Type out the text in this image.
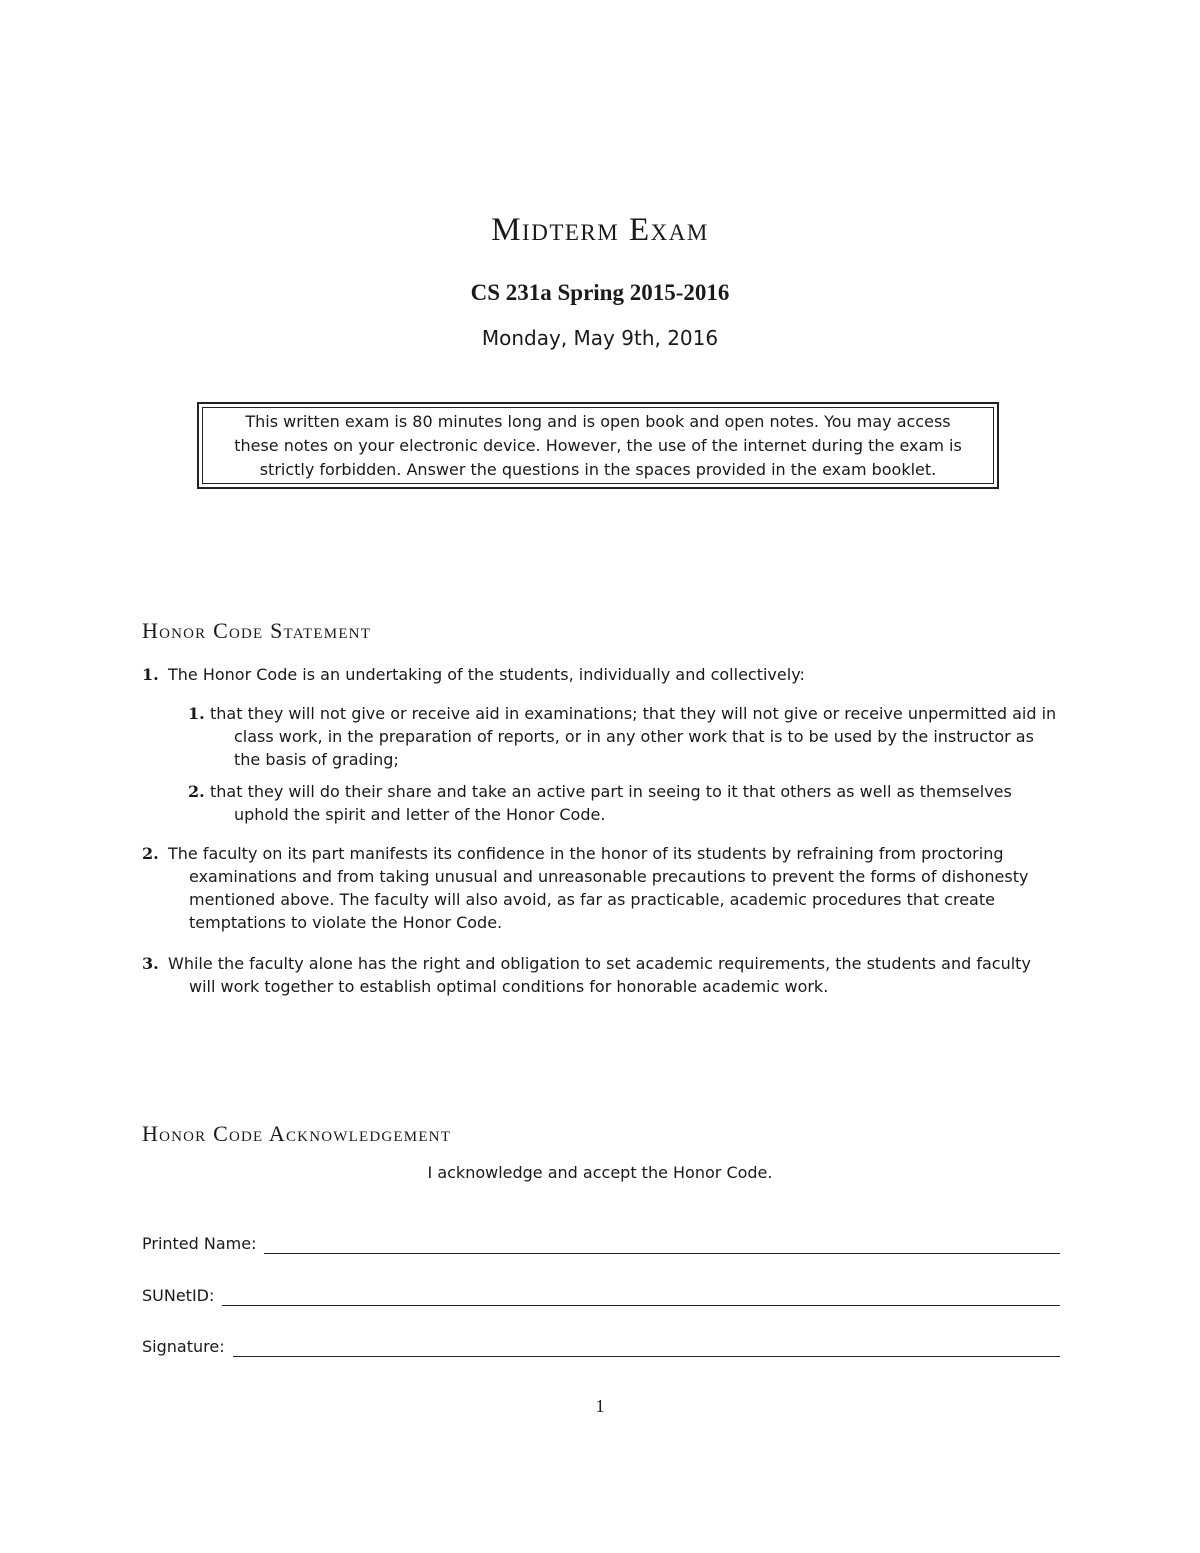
Midterm Exam
CS 231a Spring 2015-2016
Monday, May 9th, 2016
This written exam is 80 minutes long and is open book and open notes. You may access
these notes on your electronic device. However, the use of the internet during the exam is
strictly forbidden. Answer the questions in the spaces provided in the exam booklet.
Honor Code Statement
1. The Honor Code is an undertaking of the students, individually and collectively:
1. that they will not give or receive aid in examinations; that they will not give or receive unpermitted aid in class work, in the preparation of reports, or in any other work that is to be used by the instructor as the basis of grading;
2. that they will do their share and take an active part in seeing to it that others as well as themselves uphold the spirit and letter of the Honor Code.
2. The faculty on its part manifests its confidence in the honor of its students by refraining from proctoring examinations and from taking unusual and unreasonable precautions to prevent the forms of dishonesty mentioned above. The faculty will also avoid, as far as practicable, academic procedures that create temptations to violate the Honor Code.
3. While the faculty alone has the right and obligation to set academic requirements, the students and faculty will work together to establish optimal conditions for honorable academic work.
Honor Code Acknowledgement
I acknowledge and accept the Honor Code.
Printed Name:
SUNetID:
Signature:
1
